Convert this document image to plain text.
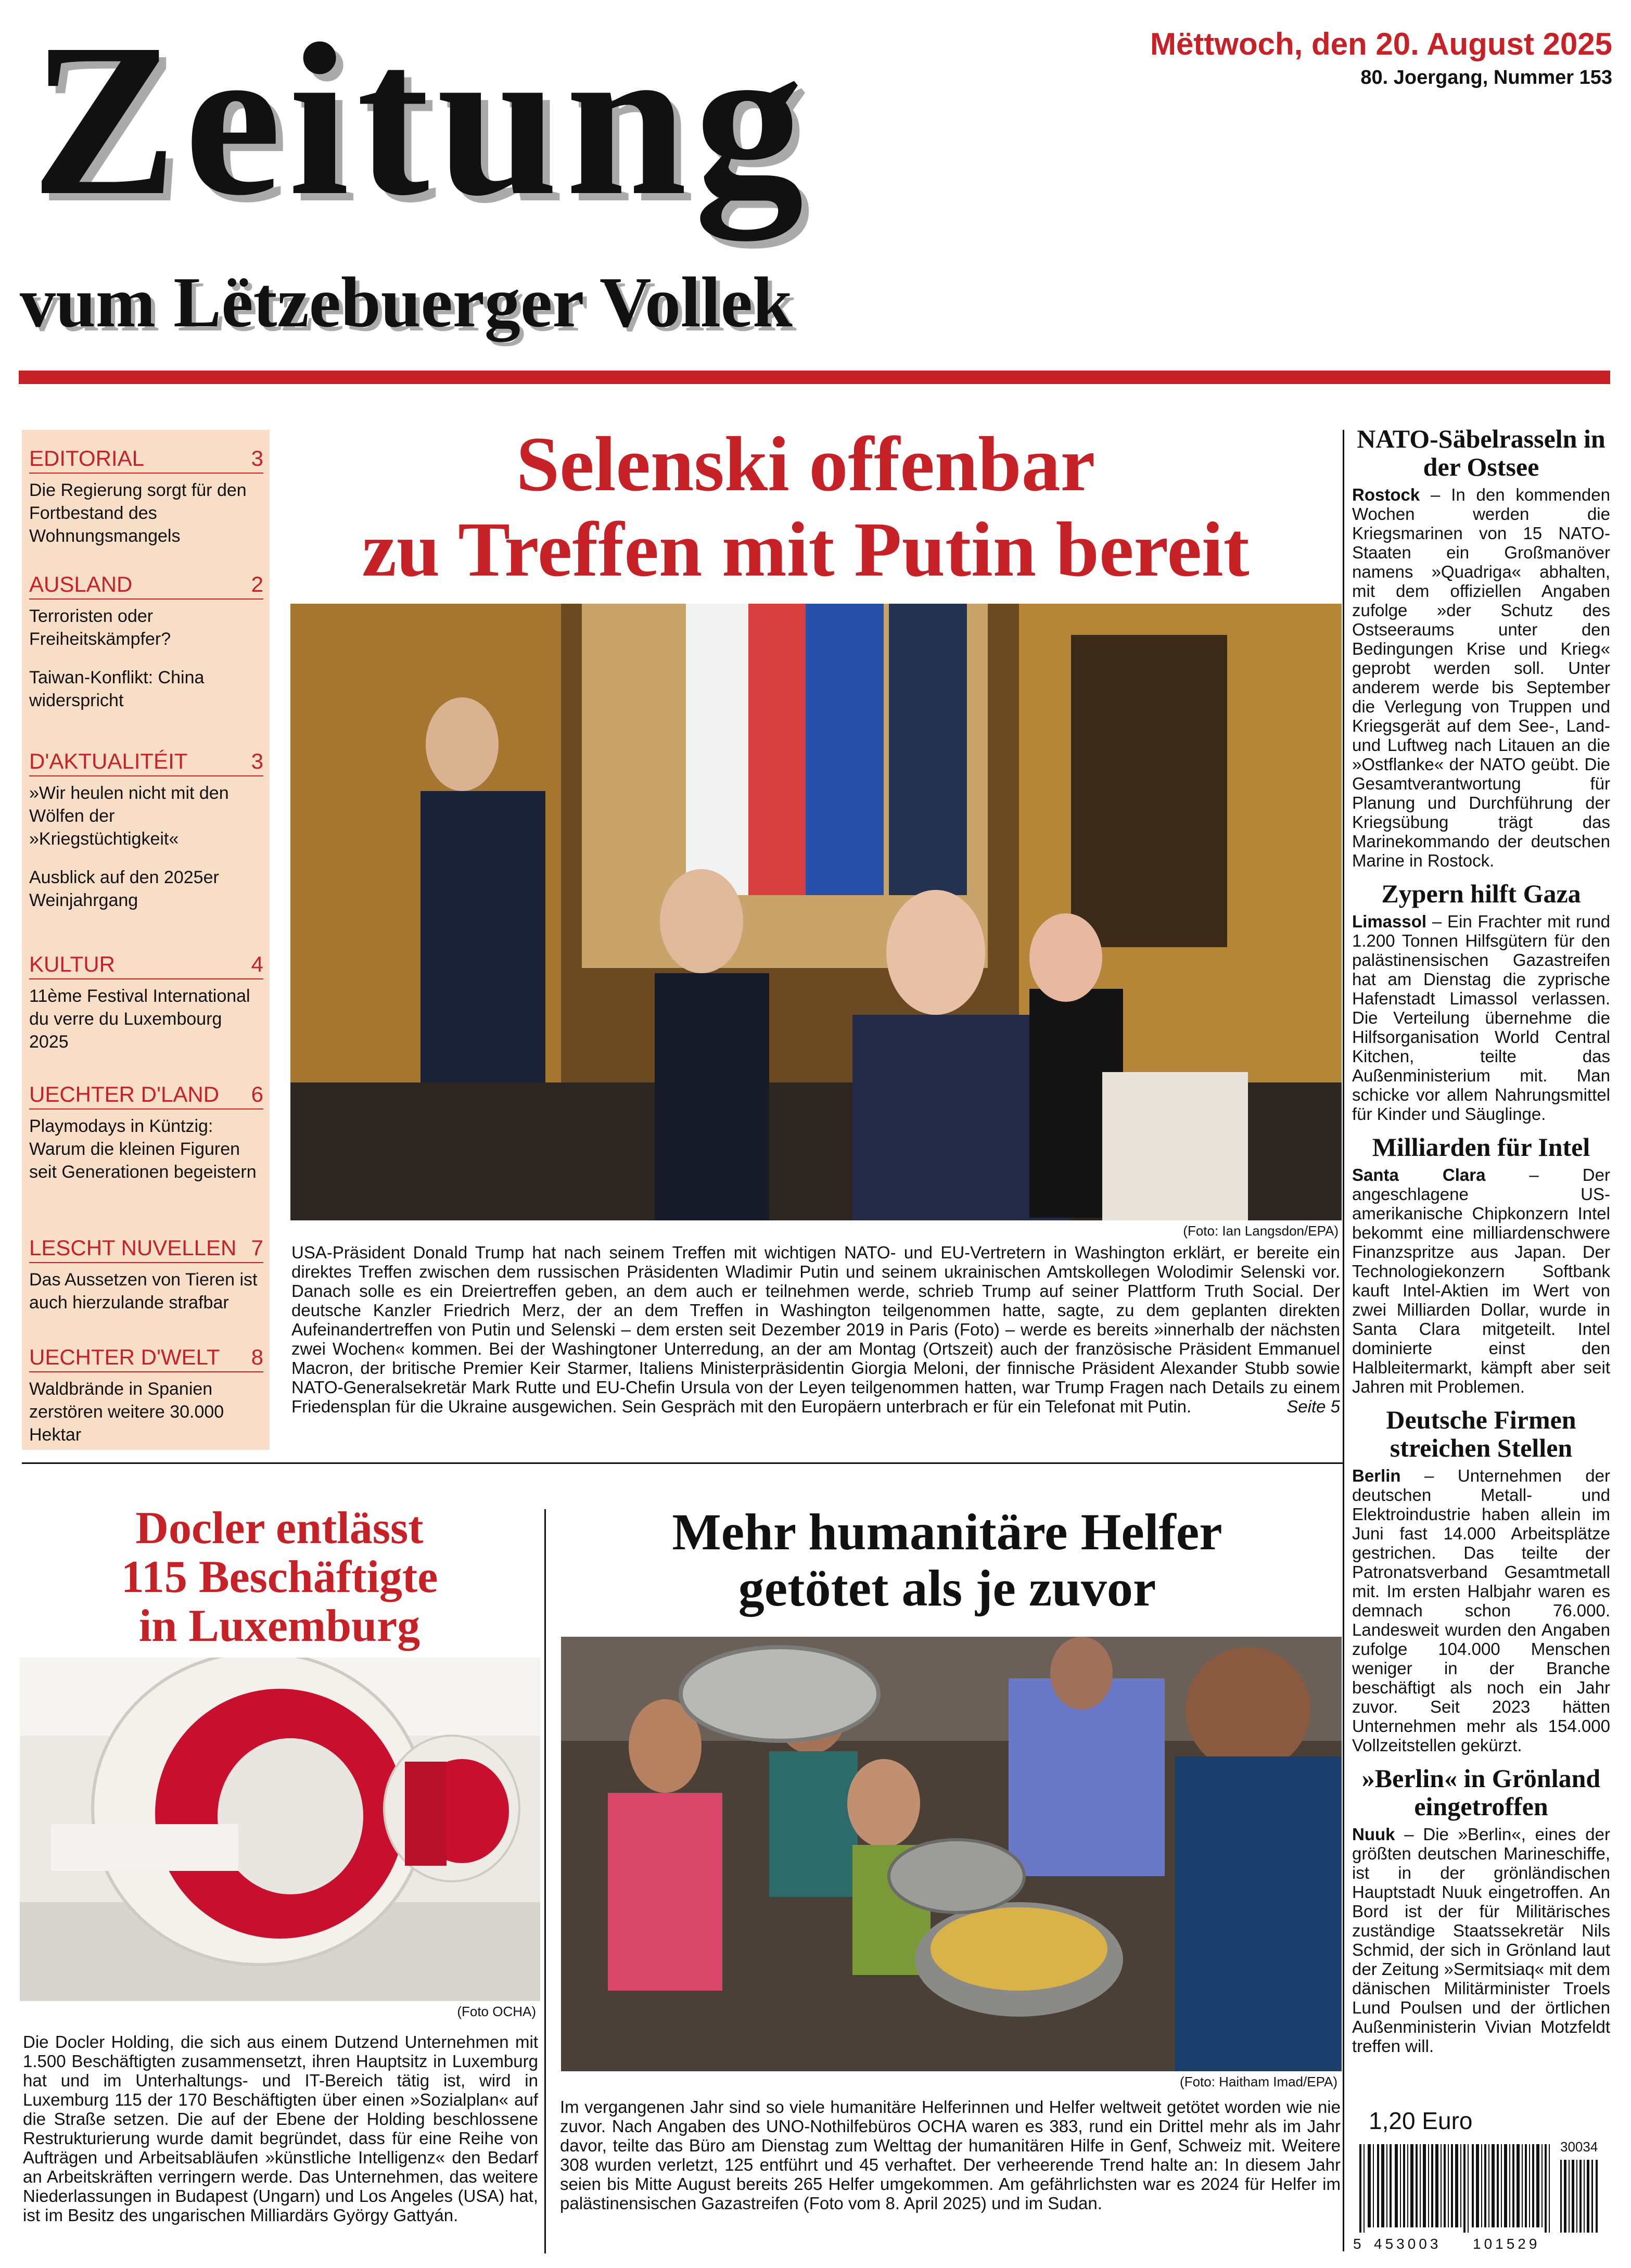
Zeitung
vum Lëtzebuerger Vollek
Mëttwoch, den 20. August 2025
80. Joergang, Nummer 153
EDITORIAL	3
Die Regierung sorgt für den Fortbestand des Wohnungsmangels
AUSLAND	2
Terroristen oder Freiheitskämpfer?
Taiwan-Konflikt: China widerspricht
D'AKTUALITÉIT	3
»Wir heulen nicht mit den Wölfen der »Kriegstüchtigkeit«
Ausblick auf den 2025er Weinjahrgang
KULTUR	4
11ème Festival International du verre du Luxembourg 2025
UECHTER D'LAND 6
Playmodays in Küntzig: Warum die kleinen Figuren seit Generationen begeistern
LESCHT NUVELLEN 7
Das Aussetzen von Tieren ist auch hierzulande strafbar
UECHTER D'WELT 8
Waldbrände in Spanien zerstören weitere 30.000 Hektar
Selenski offenbar
zu Treffen mit Putin bereit
(Foto: Ian Langsdon/EPA)
USA-Präsident Donald Trump hat nach seinem Treffen mit wichtigen NATO- und EU-Vertretern in Washington erklärt, er bereite ein direktes Treffen zwischen dem russischen Präsidenten Wladimir Putin und seinem ukrainischen Amtskollegen Wolodimir Selenski vor. Danach solle es ein Dreiertreffen geben, an dem auch er teilnehmen werde, schrieb Trump auf seiner Plattform Truth Social. Der deutsche Kanzler Friedrich Merz, der an dem Treffen in Washington teilgenommen hatte, sagte, zu dem geplanten direkten Aufeinandertreffen von Putin und Selenski – dem ersten seit Dezember 2019 in Paris (Foto) – werde es bereits »innerhalb der nächsten zwei Wochen« kommen. Bei der Washingtoner Unterredung, an der am Montag (Ortszeit) auch der französische Präsident Emmanuel Macron, der britische Premier Keir Starmer, Italiens Ministerpräsidentin Giorgia Meloni, der finnische Präsident Alexander Stubb sowie NATO-Generalsekretär Mark Rutte und EU-Chefin Ursula von der Leyen teilgenommen hatten, war Trump Fragen nach Details zu einem Friedensplan für die Ukraine ausgewichen. Sein Gespräch mit den Europäern unterbrach er für ein Telefonat mit Putin.	Seite 5
Docler entlässt
115 Beschäftigte
in Luxemburg
(Foto OCHA)
Die Docler Holding, die sich aus einem Dutzend Unternehmen mit 1.500 Beschäftigten zusammensetzt, ihren Hauptsitz in Luxemburg hat und im Unterhaltungs- und IT-Bereich tätig ist, wird in Luxemburg 115 der 170 Beschäftigten über einen »Sozialplan« auf die Straße setzen. Die auf der Ebene der Holding beschlossene Restrukturierung wurde damit begründet, dass für eine Reihe von Aufträgen und Arbeitsabläufen »künstliche Intelligenz« den Bedarf an Arbeitskräften verringern werde. Das Unternehmen, das weitere Niederlassungen in Budapest (Ungarn) und Los Angeles (USA) hat, ist im Besitz des ungarischen Milliardärs György Gattyán.
Mehr humanitäre Helfer
getötet als je zuvor
(Foto: Haitham Imad/EPA)
Im vergangenen Jahr sind so viele humanitäre Helferinnen und Helfer weltweit getötet worden wie nie zuvor. Nach Angaben des UNO-Nothilfebüros OCHA waren es 383, rund ein Drittel mehr als im Jahr davor, teilte das Büro am Dienstag zum Welttag der humanitären Hilfe in Genf, Schweiz mit. Weitere 308 wurden verletzt, 125 entführt und 45 verhaftet. Der verheerende Trend halte an: In diesem Jahr seien bis Mitte August bereits 265 Helfer umgekommen. Am gefährlichsten war es 2024 für Helfer im palästinensischen Gazastreifen (Foto vom 8. April 2025) und im Sudan.
NATO-Säbelrasseln in der Ostsee
Rostock – In den kommenden Wochen werden die Kriegsmarinen von 15 NATO-Staaten ein Großmanöver namens »Quadriga« abhalten, mit dem offiziellen Angaben zufolge »der Schutz des Ostseeraums unter den Bedingungen Krise und Krieg« geprobt werden soll. Unter anderem werde bis September die Verlegung von Truppen und Kriegsgerät auf dem See-, Land- und Luftweg nach Litauen an die »Ostflanke« der NATO geübt. Die Gesamtverantwortung für Planung und Durchführung der Kriegsübung trägt das Marinekommando der deutschen Marine in Rostock.
Zypern hilft Gaza
Limassol – Ein Frachter mit rund 1.200 Tonnen Hilfsgütern für den palästinensischen Gazastreifen hat am Dienstag die zyprische Hafenstadt Limassol verlassen. Die Verteilung übernehme die Hilfsorganisation World Central Kitchen, teilte das Außenministerium mit. Man schicke vor allem Nahrungsmittel für Kinder und Säuglinge.
Milliarden für Intel
Santa Clara – Der angeschlagene US-amerikanische Chipkonzern Intel bekommt eine milliardenschwere Finanzspritze aus Japan. Der Technologiekonzern Softbank kauft Intel-Aktien im Wert von zwei Milliarden Dollar, wurde in Santa Clara mitgeteilt. Intel dominierte einst den Halbleitermarkt, kämpft aber seit Jahren mit Problemen.
Deutsche Firmen streichen Stellen
Berlin – Unternehmen der deutschen Metall- und Elektroindustrie haben allein im Juni fast 14.000 Arbeitsplätze gestrichen. Das teilte der Patronatsverband Gesamtmetall mit. Im ersten Halbjahr waren es demnach schon 76.000. Landesweit wurden den Angaben zufolge 104.000 Menschen weniger in der Branche beschäftigt als noch ein Jahr zuvor. Seit 2023 hätten Unternehmen mehr als 154.000 Vollzeitstellen gekürzt.
»Berlin« in Grönland eingetroffen
Nuuk – Die »Berlin«, eines der größten deutschen Marineschiffe, ist in der grönländischen Hauptstadt Nuuk eingetroffen. An Bord ist der für Militärisches zuständige Staatssekretär Nils Schmid, der sich in Grönland laut der Zeitung »Sermitsiaq« mit dem dänischen Militärminister Troels Lund Poulsen und der örtlichen Außenministerin Vivian Motzfeldt treffen will.
1,20 Euro
30034
5 453003 101529
